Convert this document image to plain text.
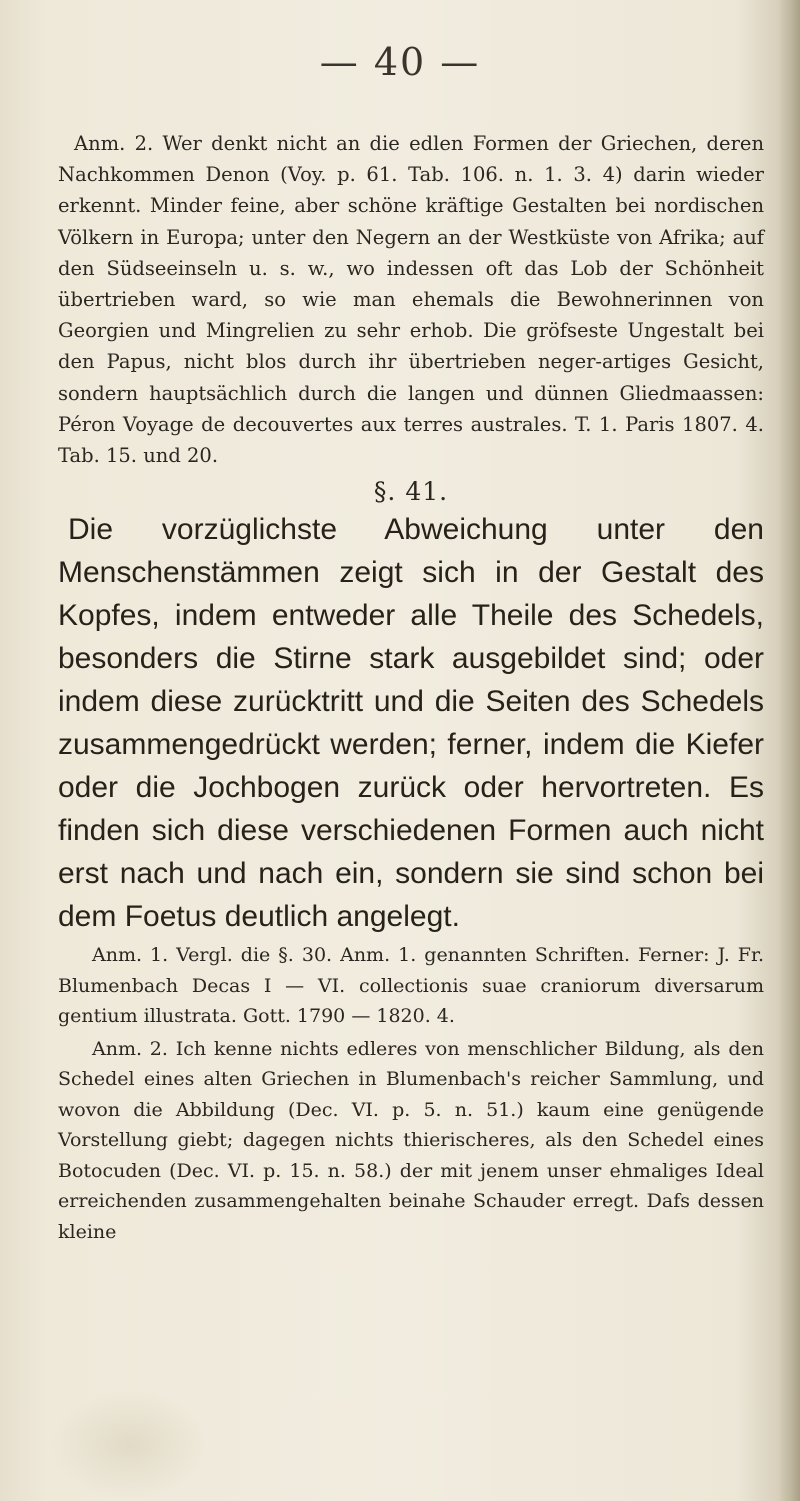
— 40 —

Anm. 2. Wer denkt nicht an die edlen Formen der Griechen, deren Nachkommen Denon (Voy. p. 61. Tab. 106. n. 1. 3. 4) darin wieder erkennt. Minder feine, aber schöne kräftige Gestalten bei nordischen Völkern in Europa; unter den Negern an der Westküste von Afrika; auf den Südseeinseln u. s. w., wo indessen oft das Lob der Schönheit übertrieben ward, so wie man ehemals die Bewohnerinnen von Georgien und Mingrelien zu sehr erhob. Die gröfseste Ungestalt bei den Papus, nicht blos durch ihr übertrieben neger-artiges Gesicht, sondern hauptsächlich durch die langen und dünnen Gliedmaassen: Péron Voyage de decouvertes aux terres australes. T. 1. Paris 1807. 4. Tab. 15. und 20.

§. 41.

Die vorzüglichste Abweichung unter den Menschenstämmen zeigt sich in der Gestalt des Kopfes, indem entweder alle Theile des Schedels, besonders die Stirne stark ausgebildet sind; oder indem diese zurücktritt und die Seiten des Schedels zusammengedrückt werden; ferner, indem die Kiefer oder die Jochbogen zurück oder hervortreten. Es finden sich diese verschiedenen Formen auch nicht erst nach und nach ein, sondern sie sind schon bei dem Foetus deutlich angelegt.

Anm. 1. Vergl. die §. 30. Anm. 1. genannten Schriften. Ferner: J. Fr. Blumenbach Decas I — VI. collectionis suae craniorum diversarum gentium illustrata. Gott. 1790 — 1820. 4.

Anm. 2. Ich kenne nichts edleres von menschlicher Bildung, als den Schedel eines alten Griechen in Blumenbach's reicher Sammlung, und wovon die Abbildung (Dec. VI. p. 5. n. 51.) kaum eine genügende Vorstellung giebt; dagegen nichts thierischeres, als den Schedel eines Botocuden (Dec. VI. p. 15. n. 58.) der mit jenem unser ehmaliges Ideal erreichenden zusammengehalten beinahe Schauder erregt. Dafs dessen kleine
